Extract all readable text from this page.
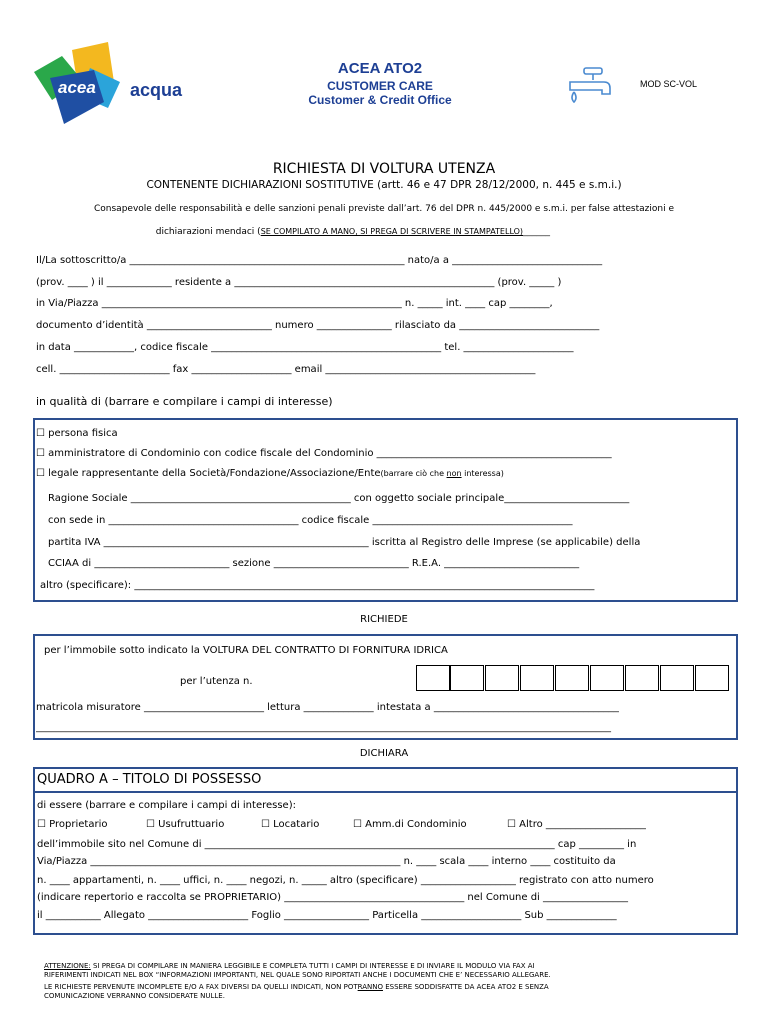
acea

acqua

ACEA ATO2
CUSTOMER CARE
Customer & Credit Office
MOD SC-VOL
RICHIESTA DI VOLTURA UTENZA
CONTENENTE DICHIARAZIONI SOSTITUTIVE (artt. 46 e 47 DPR 28/12/2000, n. 445 e s.m.i.)
Consapevole delle responsabilità e delle sanzioni penali previste dall’art. 76 del DPR n. 445/2000 e s.m.i. per false attestazioni e

dichiarazioni mendaci (SE COMPILATO A MANO, SI PREGA DI SCRIVERE IN STAMPATELLO)______

Il/La sottoscritto/a _______________________________________________________ nato/a a ______________________________
(prov. ____ ) il _____________ residente a ____________________________________________________ (prov. _____ )
in Via/Piazza ____________________________________________________________ n. _____ int. ____ cap ________,
documento d’identità _________________________ numero _______________ rilasciato da ____________________________
in data ____________, codice fiscale ______________________________________________ tel. ______________________
cell. ______________________ fax ____________________ email __________________________________________
in qualità di (barrare e compilare i campi di interesse)
☐ persona fisica
☐ amministratore di Condominio con codice fiscale del Condominio _______________________________________________
☐ legale rappresentante della Società/Fondazione/Associazione/Ente(barrare ciò che non interessa)
Ragione Sociale ____________________________________________ con oggetto sociale principale_________________________
con sede in ______________________________________ codice fiscale ________________________________________
partita IVA _____________________________________________________ iscritta al Registro delle Imprese (se applicabile) della
CCIAA di ___________________________ sezione ___________________________ R.E.A. ___________________________
altro (specificare): ____________________________________________________________________________________________
RICHIEDE
per l’immobile sotto indicato la VOLTURA DEL CONTRATTO DI FORNITURA IDRICA
per l’utenza n.
matricola misuratore ________________________ lettura ______________ intestata a _____________________________________
___________________________________________________________________________________________________________________
DICHIARA
QUADRO A – TITOLO DI POSSESSO
di essere (barrare e compilare i campi di interesse):
☐ Proprietario	☐ Usufruttuario	☐ Locatario	☐ Amm.di Condominio	☐ Altro ____________________
dell’immobile sito nel Comune di ______________________________________________________________________ cap _________ in
Via/Piazza ______________________________________________________________ n. ____ scala ____ interno ____ costituito da
n. ____ appartamenti, n. ____ uffici, n. ____ negozi, n. _____ altro (specificare) ___________________ registrato con atto numero
(indicare repertorio e raccolta se PROPRIETARIO) ____________________________________ nel Comune di _________________
il ___________ Allegato ____________________ Foglio _________________ Particella ____________________ Sub ______________
ATTENZIONE: SI PREGA DI COMPILARE IN MANIERA LEGGIBILE E COMPLETA TUTTI I CAMPI DI INTERESSE E DI INVIARE IL MODULO VIA FAX AI
RIFERIMENTI INDICATI NEL BOX “INFORMAZIONI IMPORTANTI, NEL QUALE SONO RIPORTATI ANCHE I DOCUMENTI CHE E’ NECESSARIO ALLEGARE.
LE RICHIESTE PERVENUTE INCOMPLETE E/O A FAX DIVERSI DA QUELLI INDICATI, NON POTRANNO ESSERE SODDISFATTE DA ACEA ATO2 E SENZA
COMUNICAZIONE VERRANNO CONSIDERATE NULLE.
